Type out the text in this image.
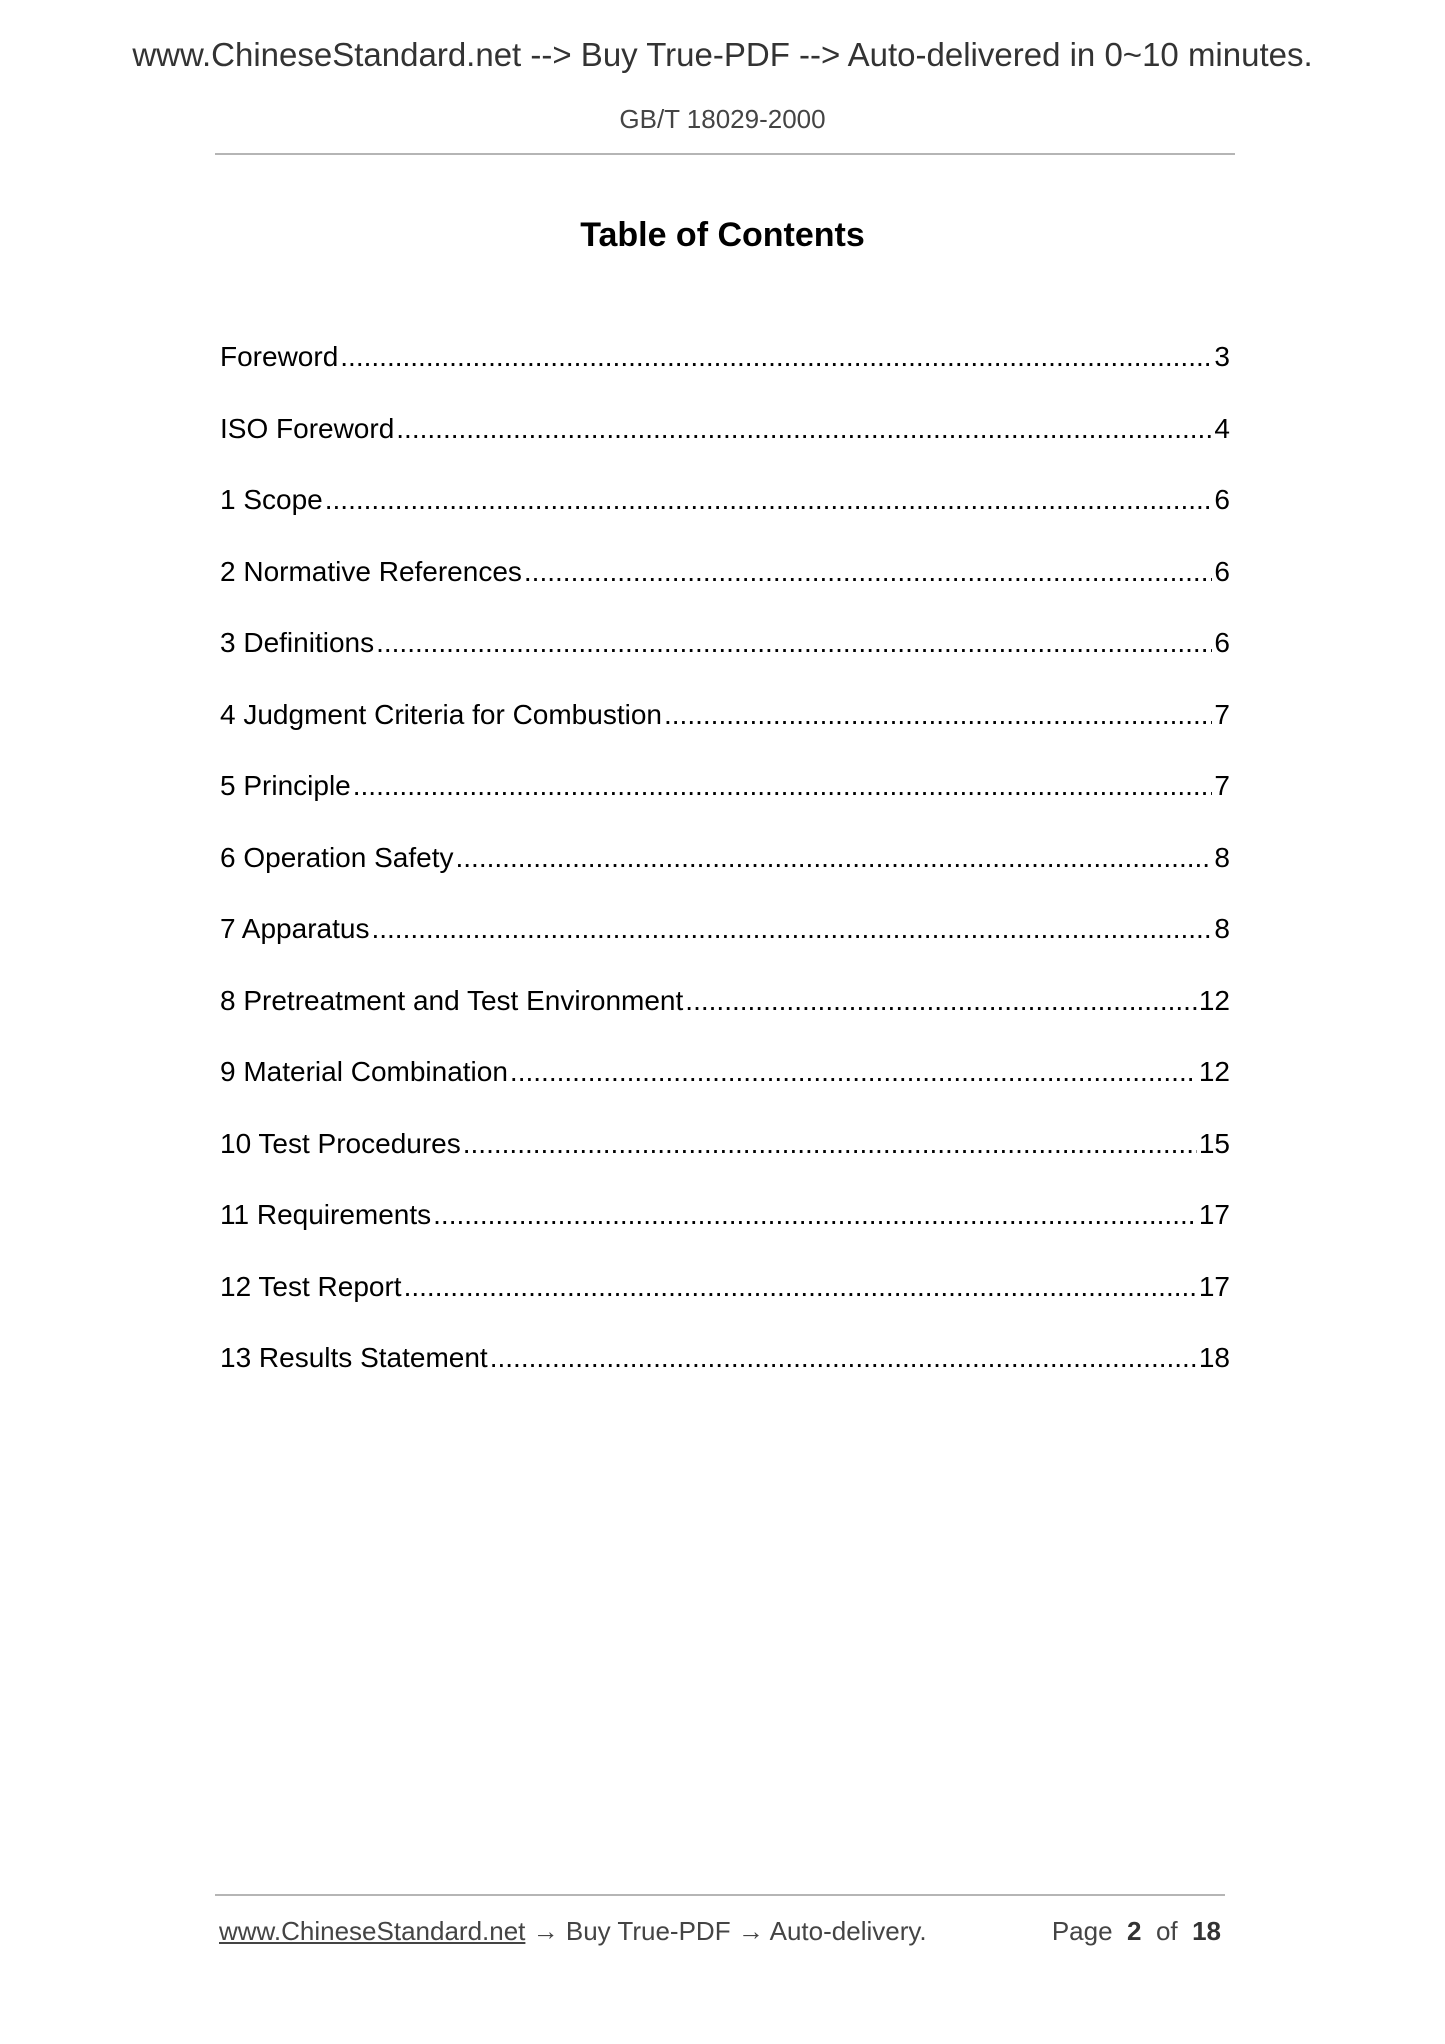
www.ChineseStandard.net --> Buy True-PDF --> Auto-delivered in 0~10 minutes.
GB/T 18029-2000
Table of Contents
Foreword .....	3
ISO Foreword .....	4
1 Scope .....	6
2 Normative References .....	6
3 Definitions .....	6
4 Judgment Criteria for Combustion .....	7
5 Principle .....	7
6 Operation Safety .....	8
7 Apparatus .....	8
8 Pretreatment and Test Environment .....	12
9 Material Combination .....	12
10 Test Procedures .....	15
11 Requirements .....	17
12 Test Report .....	17
13 Results Statement .....	18
www.ChineseStandard.net → Buy True-PDF → Auto-delivery.	Page 2 of 18
